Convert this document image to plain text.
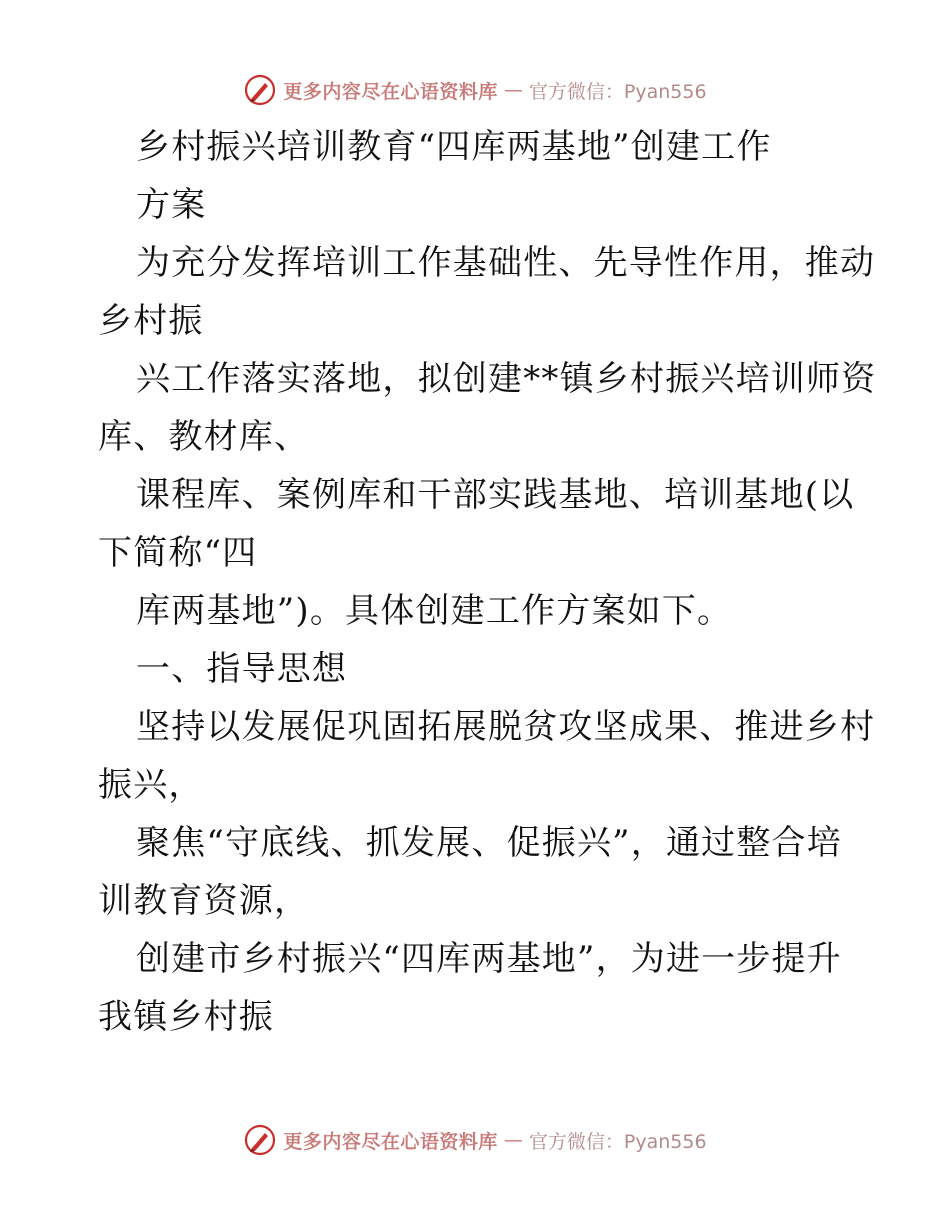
更多内容尽在心语资料库 — 官方微信：Pyan556
乡村振兴培训教育“四库两基地”创建工作
方案
为充分发挥培训工作基础性、先导性作用，推动
乡村振
兴工作落实落地，拟创建**镇乡村振兴培训师资
库、教材库、
课程库、案例库和干部实践基地、培训基地(以
下简称“四
库两基地”)。具体创建工作方案如下。
一、指导思想
坚持以发展促巩固拓展脱贫攻坚成果、推进乡村
振兴，
聚焦“守底线、抓发展、促振兴”，通过整合培
训教育资源，
创建市乡村振兴“四库两基地”，为进一步提升
我镇乡村振
更多内容尽在心语资料库 — 官方微信：Pyan556
